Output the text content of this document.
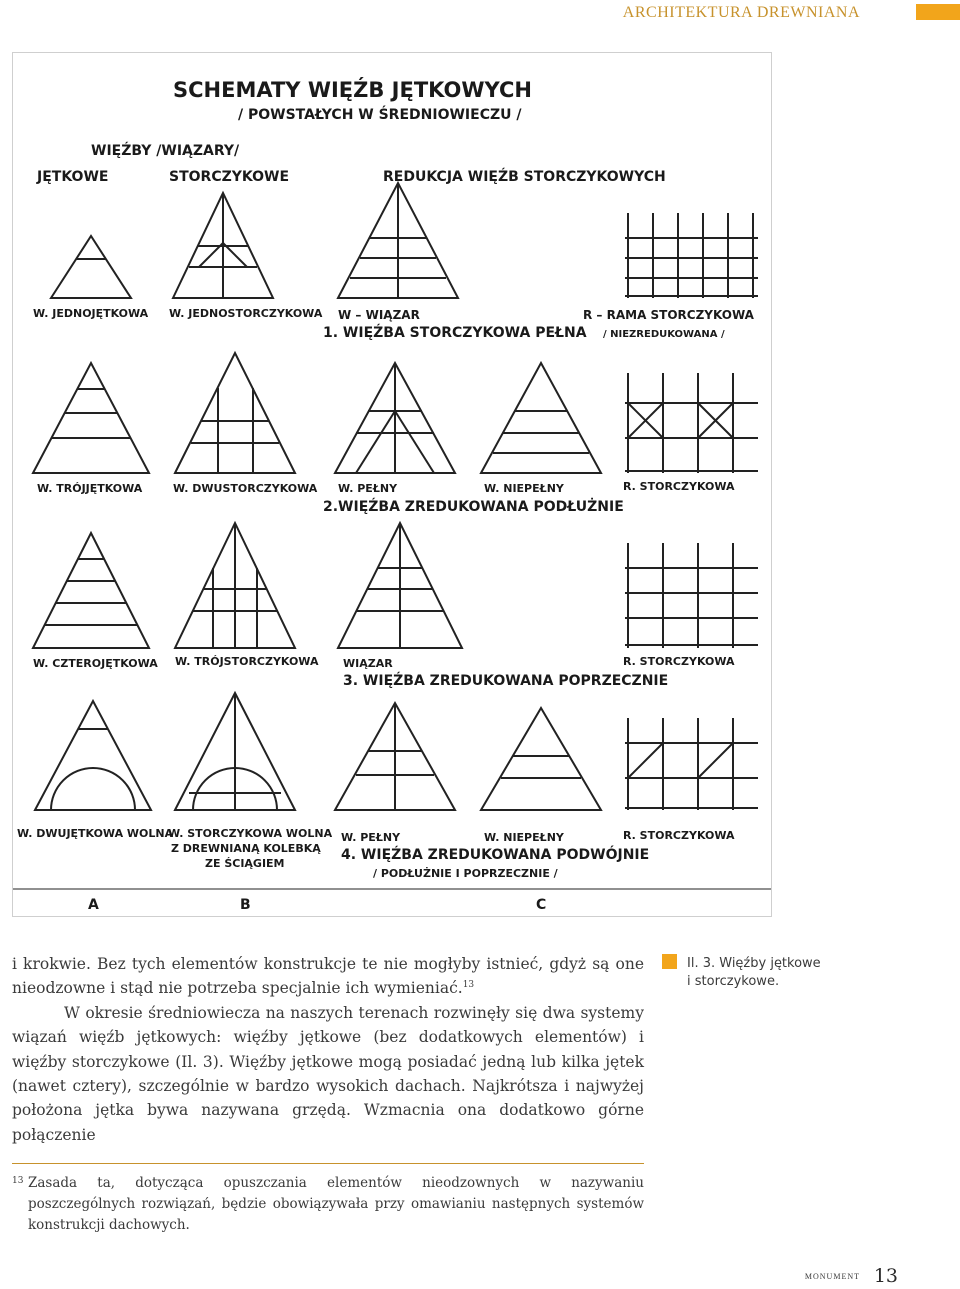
ARCHITEKTURA DREWNIANA
SCHEMATY WIĘŹB JĘTKOWYCH
/ POWSTAŁYCH W ŚREDNIOWIECZU /
WIĘŹBY /WIĄZARY/
JĘTKOWE	STORCZYKOWE	REDUKCJA WIĘŹB STORCZYKOWYCH
W. JEDNOJĘTKOWA W. JEDNOSTORCZYKOWA W – WIĄZAR	R – RAMA STORCZYKOWA
1. WIĘŹBA STORCZYKOWA PEŁNA / NIEZREDUKOWANA /
W. TRÓJJĘTKOWA	W. DWUSTORCZYKOWA W. PEŁNY	W. NIEPEŁNY	R. STORCZYKOWA
2.WIĘŹBA ZREDUKOWANA PODŁUŻNIE
W. CZTEROJĘTKOWA W. TRÓJSTORCZYKOWA WIĄZAR	R. STORCZYKOWA
3. WIĘŹBA ZREDUKOWANA POPRZECZNIE
W. DWUJĘTKOWA WOLNA
W. STORCZYKOWA WOLNA
Z DREWNIANĄ KOLEBKĄ
ZE ŚCIĄGIEM
W. PEŁNY	W. NIEPEŁNY	R. STORCZYKOWA
4. WIĘŹBA ZREDUKOWANA PODWÓJNIE
/ PODŁUŻNIE I POPRZECZNIE /
A	B	C

i krokwie. Bez tych elementów konstrukcje te nie mogłyby istnieć, gdyż są one nieodzowne i stąd nie potrzeba specjalnie ich wymieniać.$^{13}$

W okresie średniowiecza na naszych terenach rozwinęły się dwa systemy wiązań więźb jętkowych: więźby jętkowe (bez dodatkowych elementów) i więźby storczykowe (Il. 3). Więźby jętkowe mogą posiadać jedną lub kilka jętek (nawet cztery), szczególnie w bardzo wysokich dachach. Najkrótsza i najwyżej położona jętka bywa nazywana grzędą. Wzmacnia ona dodatkowo górne połączenie

Il. 3. Więźby jętkowe
i storczykowe.
13 Zasada ta, dotycząca opuszczania elementów nieodzownych w nazywaniu poszczególnych rozwiązań, będzie obowiązywała przy omawianiu następnych systemów konstrukcji dachowych.
monument 13
